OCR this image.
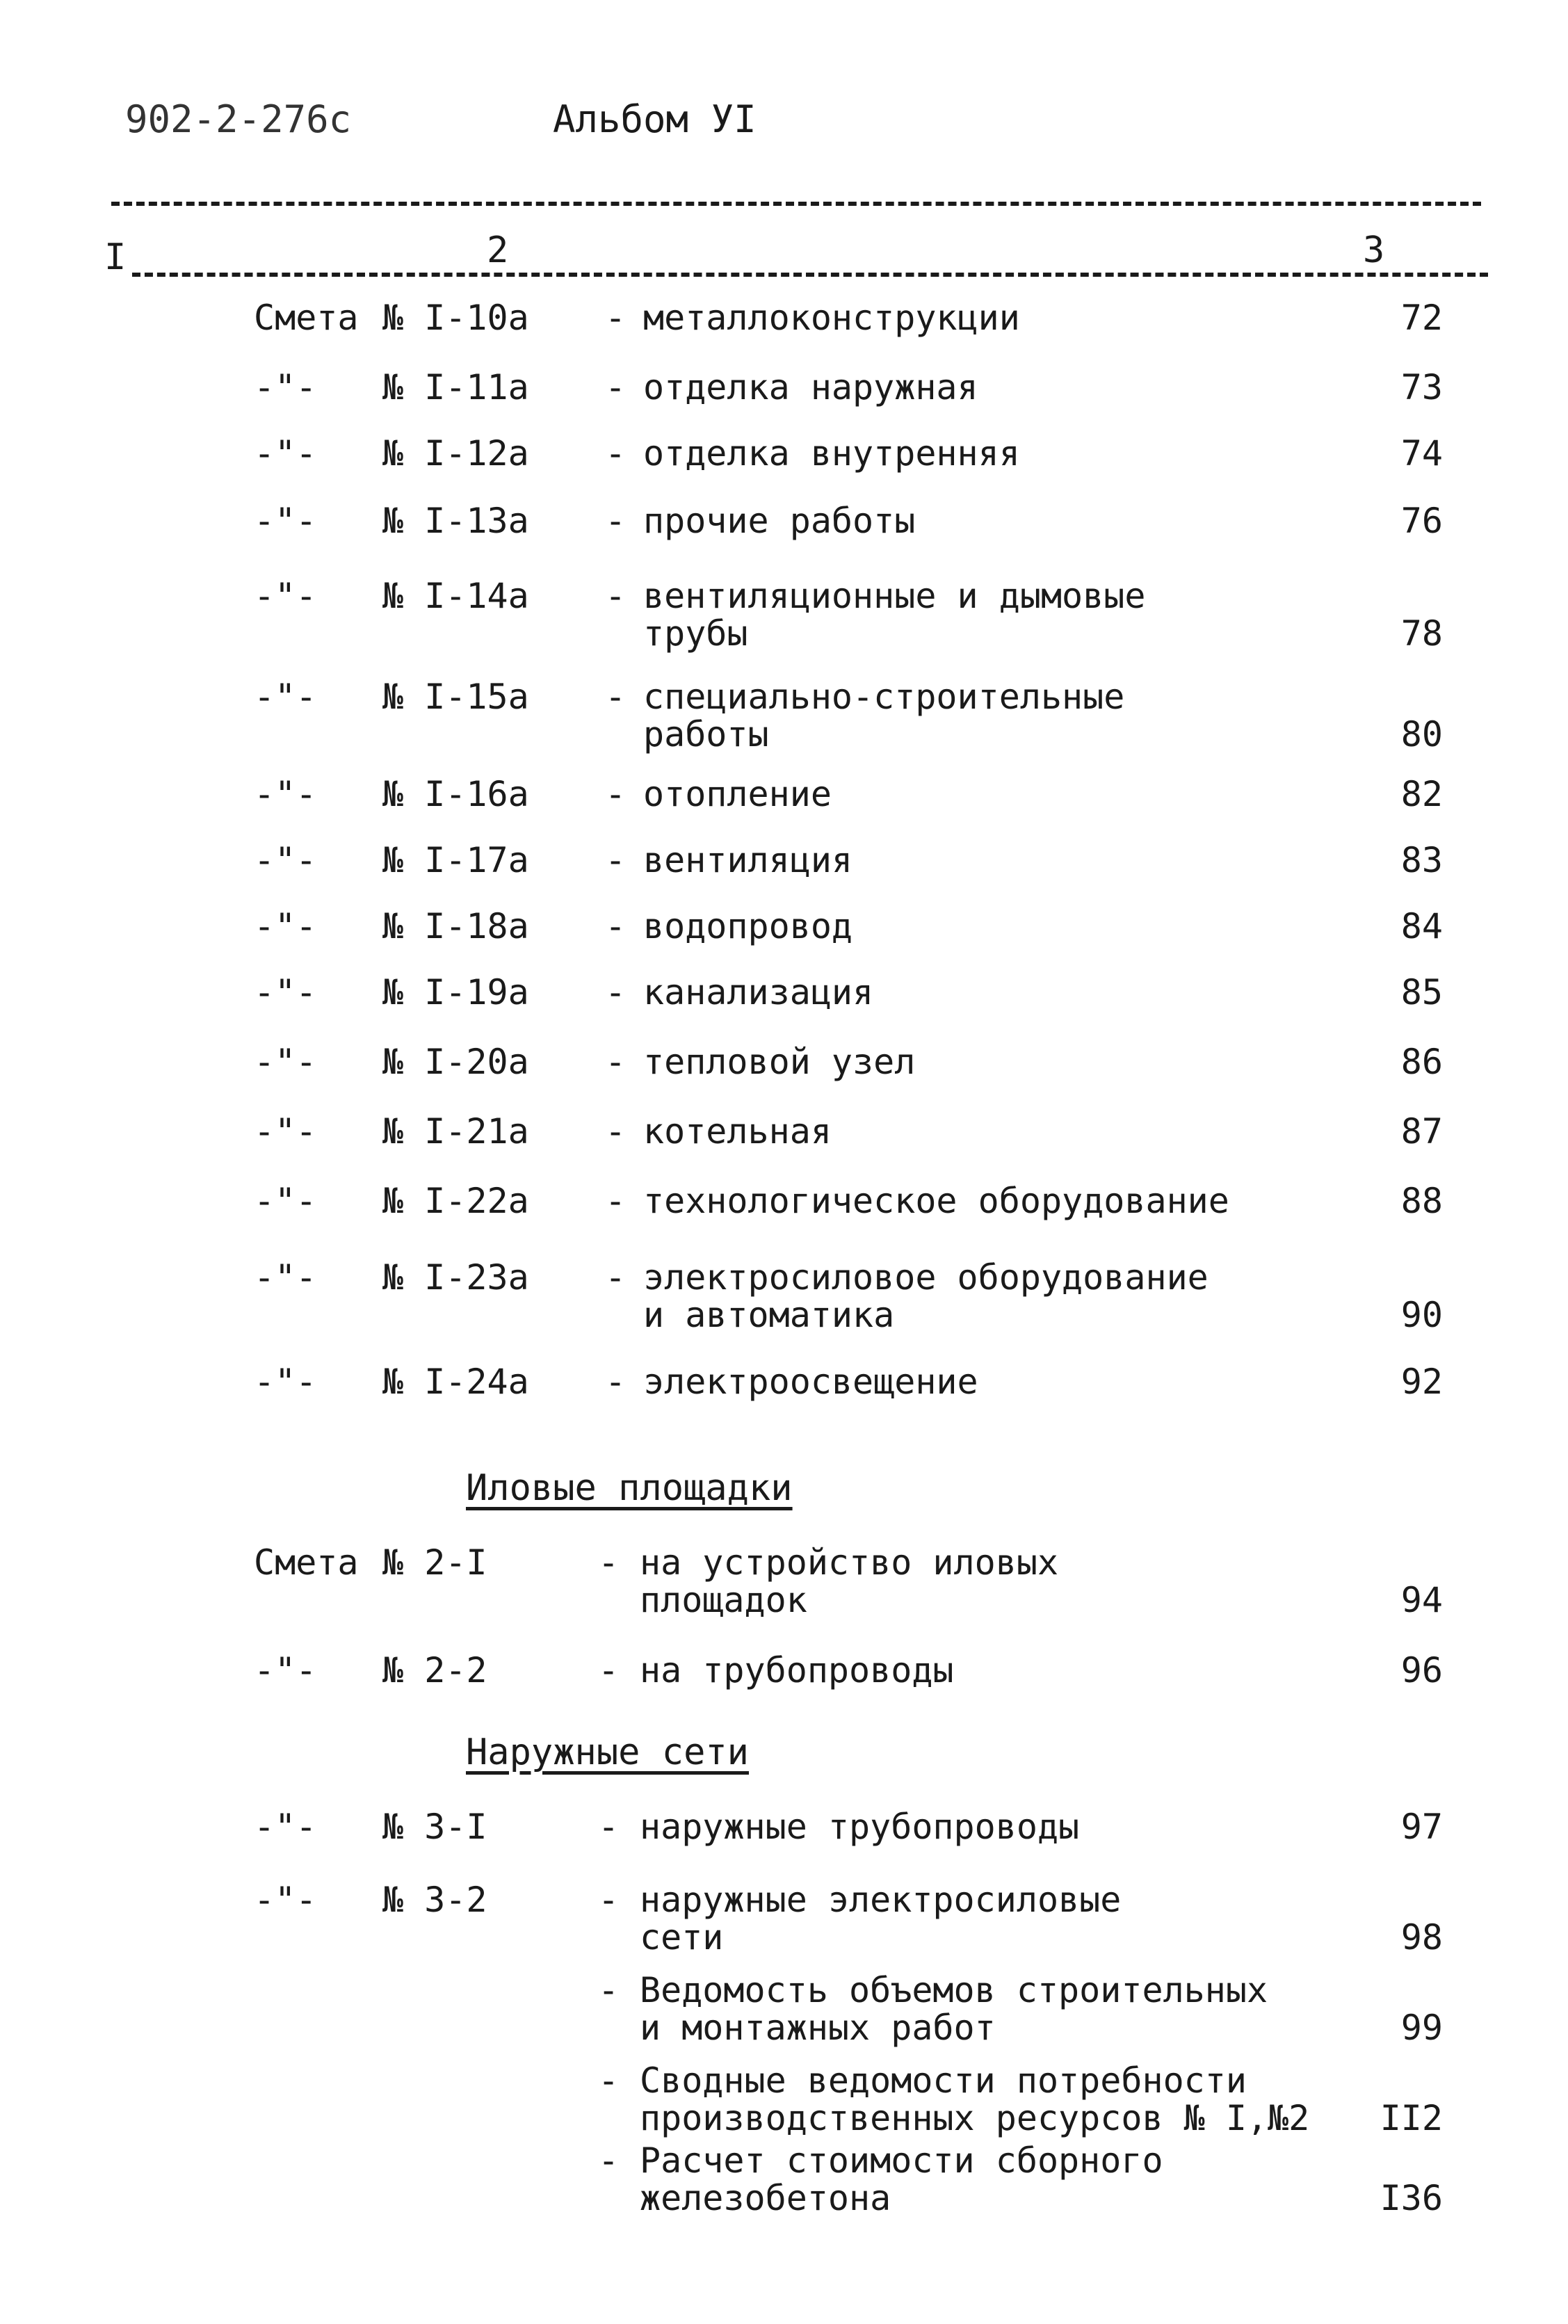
902-2-276с	Альбом УI
I	2	3
Смета № I-10а - металлоконструкции	72
-"- № I-11а - отделка наружная	73
-"- № I-12а - отделка внутренняя	74
-"- № I-13а - прочие работы	76
-"- № I-14а - вентиляционные и дымовые
трубы	78
-"- № I-15а - специально-строительные
работы	80
-"- № I-16а - отопление	82
-"- № I-17а - вентиляция	83
-"- № I-18а - водопровод	84
-"- № I-19а - канализация	85
-"- № I-20а - тепловой узел	86
-"- № I-21а - котельная	87
-"- № I-22а - технологическое оборудование	88
-"- № I-23а - электросиловое оборудование
и автоматика	90
-"- № I-24а - электроосвещение	92
Иловые площадки
Смета № 2-I	- на устройство иловых
площадок	94
-"- № 2-2	- на трубопроводы	96
Наружные сети
-"- № 3-I	- наружные трубопроводы	97
-"- № 3-2	- наружные электросиловые
сети	98
- Ведомость объемов строительных
и монтажных работ	99
- Сводные ведомости потребности
производственных ресурсов № I,№2 II2
- Расчет стоимости сборного
железобетона	I36
